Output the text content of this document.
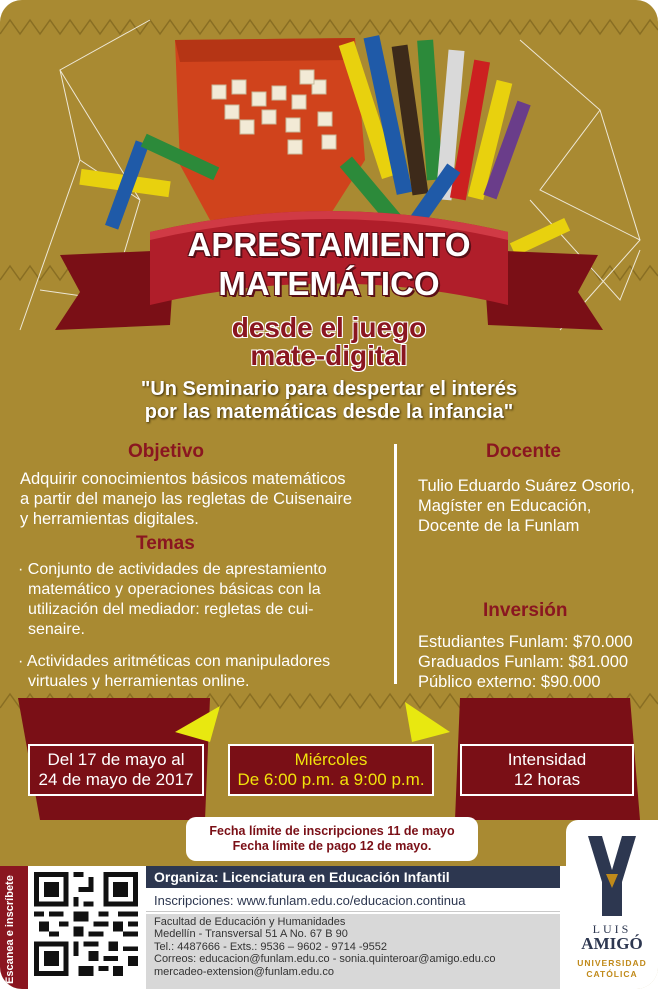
APRESTAMIENTO
MATEMÁTICO
desde el juego
mate-digital
"Un Seminario para despertar el interés
por las matemáticas desde la infancia"
Objetivo
Adquirir conocimientos básicos matemáticos
a partir del manejo las regletas de Cuisenaire
y herramientas digitales.
Temas
· Conjunto de actividades de aprestamiento
matemático y operaciones básicas con la
utilización del mediador: regletas de cui-
senaire.
· Actividades aritméticas con manipuladores
virtuales y herramientas online.
Docente
Tulio Eduardo Suárez Osorio,
Magíster en Educación,
Docente de la Funlam
Inversión
Estudiantes Funlam: $70.000
Graduados Funlam: $81.000
Público externo: $90.000
Del 17 de mayo al
24 de mayo de 2017
Miércoles
De 6:00 p.m. a 9:00 p.m.
Intensidad
12 horas
Fecha límite de inscripciones 11 de mayo
Fecha límite de pago 12 de mayo.
Escanea e inscríbete	Organiza: Licenciatura en Educación Infantil
Inscripciones: www.funlam.edu.co/educacion.continua
Facultad de Educación y Humanidades
Medellín - Transversal 51 A No. 67 B 90
Tel.: 4487666 - Exts.: 9536 – 9602 - 9714 -9552
Correos: educacion@funlam.edu.co - sonia.quinteroar@amigo.edu.co
mercadeo-extension@funlam.edu.co
LUIS
AMIGÓ
UNIVERSIDAD
CATÓLICA
